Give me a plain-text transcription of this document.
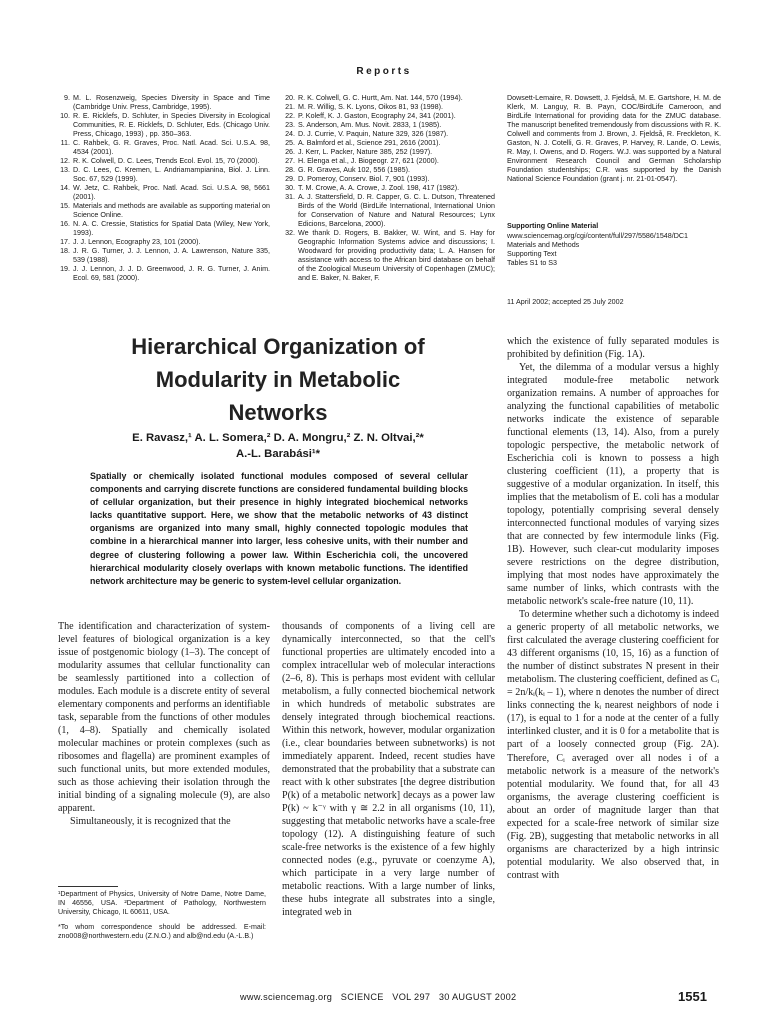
Reports
9. M. L. Rosenzweig, Species Diversity in Space and Time (Cambridge Univ. Press, Cambridge, 1995).
10. R. E. Ricklefs, D. Schluter, in Species Diversity in Ecological Communities, R. E. Ricklefs, D. Schluter, Eds. (Chicago Univ. Press, Chicago, 1993) , pp. 350–363.
11. C. Rahbek, G. R. Graves, Proc. Natl. Acad. Sci. U.S.A. 98, 4534 (2001).
12. R. K. Colwell, D. C. Lees, Trends Ecol. Evol. 15, 70 (2000).
13. D. C. Lees, C. Kremen, L. Andriamampianina, Biol. J. Linn. Soc. 67, 529 (1999).
14. W. Jetz, C. Rahbek, Proc. Natl. Acad. Sci. U.S.A. 98, 5661 (2001).
15. Materials and methods are available as supporting material on Science Online.
16. N. A. C. Cressie, Statistics for Spatial Data (Wiley, New York, 1993).
17. J. J. Lennon, Ecography 23, 101 (2000).
18. J. R. G. Turner, J. J. Lennon, J. A. Lawrenson, Nature 335, 539 (1988).
19. J. J. Lennon, J. J. D. Greenwood, J. R. G. Turner, J. Anim. Ecol. 69, 581 (2000).
20. R. K. Colwell, G. C. Hurtt, Am. Nat. 144, 570 (1994).
21. M. R. Willig, S. K. Lyons, Oikos 81, 93 (1998).
22. P. Koleff, K. J. Gaston, Ecography 24, 341 (2001).
23. S. Anderson, Am. Mus. Novit. 2833, 1 (1985).
24. D. J. Currie, V. Paquin, Nature 329, 326 (1987).
25. A. Balmford et al., Science 291, 2616 (2001).
26. J. Kerr, L. Packer, Nature 385, 252 (1997).
27. H. Elenga et al., J. Biogeogr. 27, 621 (2000).
28. G. R. Graves, Auk 102, 556 (1985).
29. D. Pomeroy, Conserv. Biol. 7, 901 (1993).
30. T. M. Crowe, A. A. Crowe, J. Zool. 198, 417 (1982).
31. A. J. Stattersfield, D. R. Capper, G. C. L. Dutson, Threatened Birds of the World (BirdLife International, International Union for Conservation of Nature and Natural Resources; Lynx Edicions, Barcelona, 2000).
32. We thank D. Rogers, B. Bakker, W. Wint, and S. Hay for Geographic Information Systems advice and discussions; I. Woodward for providing productivity data; L. A. Hansen for assistance with access to the African bird database on behalf of the Zoological Museum University of Copenhagen (ZMUC); and E. Baker, N. Baker, F.
Dowsett-Lemaire, R. Dowsett, J. Fjeldså, M. E. Gartshore, H. M. de Klerk, M. Languy, R. B. Payn, COC/BirdLife Cameroon, and BirdLife International for providing data for the ZMUC database. The manuscript benefited tremendously from discussions with R. K. Colwell and comments from J. Brown, J. Fjeldså, R. Freckleton, K. Gaston, N. J. Cotelli, G. R. Graves, P. Harvey, R. Lande, O. Lewis, R. May, I. Owens, and D. Rogers. W.J. was supported by a Natural Environment Research Council and German Scholarship Foundation studentships; C.R. was supported by the Danish National Science Foundation (grant j. nr. 21-01-0547).
Supporting Online Material
www.sciencemag.org/cgi/content/full/297/5586/1548/DC1
Materials and Methods
Supporting Text
Tables S1 to S3
11 April 2002; accepted 25 July 2002
Hierarchical Organization of
Modularity in Metabolic
Networks
E. Ravasz,¹ A. L. Somera,² D. A. Mongru,² Z. N. Oltvai,²*
A.-L. Barabási¹*
Spatially or chemically isolated functional modules composed of several cellular components and carrying discrete functions are considered fundamental building blocks of cellular organization, but their presence in highly integrated biochemical networks lacks quantitative support. Here, we show that the metabolic networks of 43 distinct organisms are organized into many small, highly connected topologic modules that combine in a hierarchical manner into larger, less cohesive units, with their number and degree of clustering following a power law. Within Escherichia coli, the uncovered hierarchical modularity closely overlaps with known metabolic functions. The identified network architecture may be generic to system-level cellular organization.

The identification and characterization of system-level features of biological organization is a key issue of postgenomic biology (1–3). The concept of modularity assumes that cellular functionality can be seamlessly partitioned into a collection of modules. Each module is a discrete entity of several elementary components and performs an identifiable task, separable from the functions of other modules (1, 4–8). Spatially and chemically isolated molecular machines or protein complexes (such as ribosomes and flagella) are prominent examples of such functional units, but more extended modules, such as those achieving their isolation through the initial binding of a signaling molecule (9), are also apparent.

Simultaneously, it is recognized that the

thousands of components of a living cell are dynamically interconnected, so that the cell's functional properties are ultimately encoded into a complex intracellular web of molecular interactions (2–6, 8). This is perhaps most evident with cellular metabolism, a fully connected biochemical network in which hundreds of metabolic substrates are densely integrated through biochemical reactions. Within this network, however, modular organization (i.e., clear boundaries between subnetworks) is not immediately apparent. Indeed, recent studies have demonstrated that the probability that a substrate can react with k other substrates [the degree distribution P(k) of a metabolic network] decays as a power law P(k) ~ k⁻ᵞ with γ ≅ 2.2 in all organisms (10, 11), suggesting that metabolic networks have a scale-free topology (12). A distinguishing feature of such scale-free networks is the existence of a few highly connected nodes (e.g., pyruvate or coenzyme A), which participate in a very large number of metabolic reactions. With a large number of links, these hubs integrate all substrates into a single, integrated web in

which the existence of fully separated modules is prohibited by definition (Fig. 1A).

Yet, the dilemma of a modular versus a highly integrated module-free metabolic network organization remains. A number of approaches for analyzing the functional capabilities of metabolic networks indicate the existence of separable functional elements (13, 14). Also, from a purely topologic perspective, the metabolic network of Escherichia coli is known to possess a high clustering coefficient (11), a property that is suggestive of a modular organization. In itself, this implies that the metabolism of E. coli has a modular topology, potentially comprising several densely interconnected functional modules of varying sizes that are connected by few intermodule links (Fig. 1B). However, such clear-cut modularity imposes severe restrictions on the degree distribution, implying that most nodes have approximately the same number of links, which contrasts with the metabolic network's scale-free nature (10, 11).

To determine whether such a dichotomy is indeed a generic property of all metabolic networks, we first calculated the average clustering coefficient for 43 different organisms (10, 15, 16) as a function of the number of distinct substrates N present in their metabolism. The clustering coefficient, defined as Cᵢ = 2n/kᵢ(kᵢ – 1), where n denotes the number of direct links connecting the kᵢ nearest neighbors of node i (17), is equal to 1 for a node at the center of a fully interlinked cluster, and it is 0 for a metabolite that is part of a loosely connected group (Fig. 2A). Therefore, Cᵢ averaged over all nodes i of a metabolic network is a measure of the network's potential modularity. We found that, for all 43 organisms, the average clustering coefficient is about an order of magnitude larger than that expected for a scale-free network of similar size (Fig. 2B), suggesting that metabolic networks in all organisms are characterized by a high intrinsic potential modularity. We also observed that, in contrast with

¹Department of Physics, University of Notre Dame, Notre Dame, IN 46556, USA. ²Department of Pathology, Northwestern University, Chicago, IL 60611, USA.

*To whom correspondence should be addressed. E-mail: zno008@northwestern.edu (Z.N.O.) and alb@nd.edu (A.-L.B.)

www.sciencemag.org   SCIENCE   VOL 297   30 AUGUST 2002	1551
